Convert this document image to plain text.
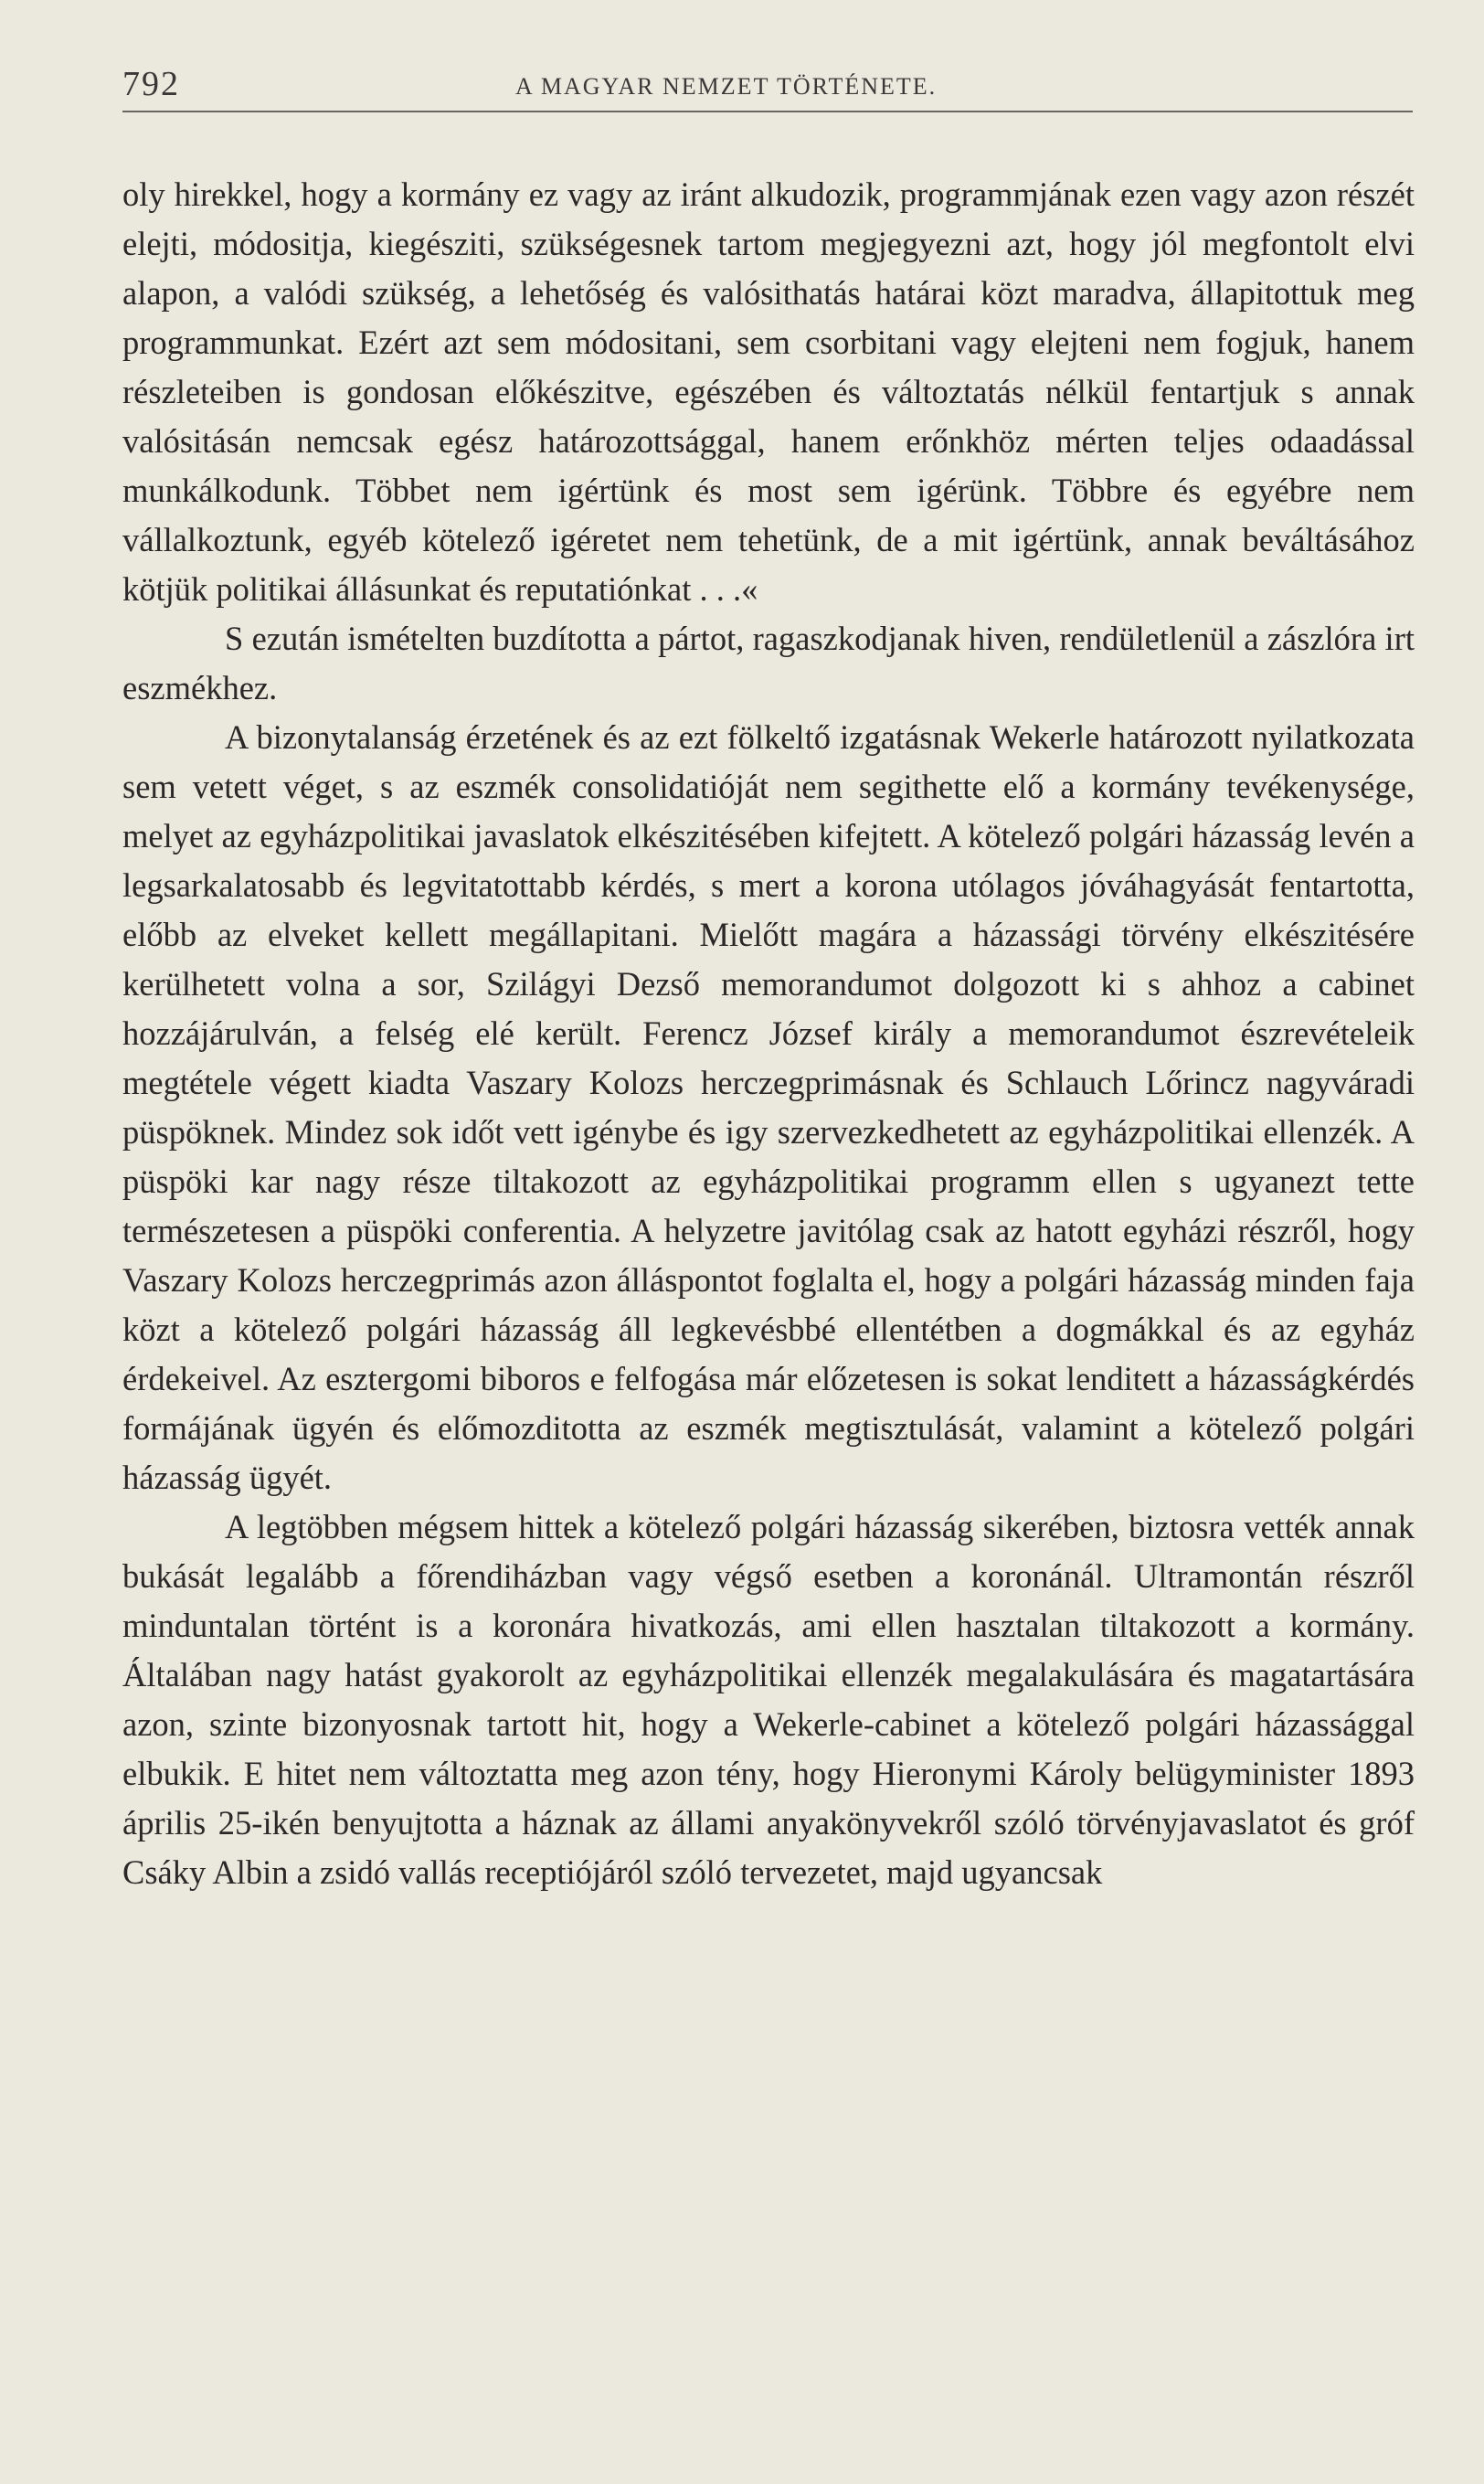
792	A MAGYAR NEMZET TÖRTÉNETE.

oly hirekkel, hogy a kormány ez vagy az iránt alkudozik, programmjának ezen vagy azon részét elejti, módositja, kiegésziti, szükségesnek tartom megjegyezni azt, hogy jól megfontolt elvi alapon, a valódi szükség, a lehetőség és valósithatás határai közt maradva, állapitottuk meg programmunkat. Ezért azt sem módositani, sem csorbitani vagy elejteni nem fogjuk, hanem részleteiben is gondosan előkészitve, egészében és változtatás nélkül fentartjuk s annak valósitásán nemcsak egész határozottsággal, hanem erőnkhöz mérten teljes odaadással munkálkodunk. Többet nem igértünk és most sem igérünk. Többre és egyébre nem vállalkoztunk, egyéb kötelező igéretet nem tehetünk, de a mit igértünk, annak beváltásához kötjük politikai állásunkat és reputatiónkat . . .«

S ezután ismételten buzdította a pártot, ragaszkodjanak hiven, rendületlenül a zászlóra irt eszmékhez.

A bizonytalanság érzetének és az ezt fölkeltő izgatásnak Wekerle határozott nyilatkozata sem vetett véget, s az eszmék consolidatióját nem segithette elő a kormány tevékenysége, melyet az egyházpolitikai javaslatok elkészitésében kifejtett. A kötelező polgári házasság levén a legsarkalatosabb és legvitatottabb kérdés, s mert a korona utólagos jóváhagyását fentartotta, előbb az elveket kellett megállapitani. Mielőtt magára a házassági törvény elkészitésére kerülhetett volna a sor, Szilágyi Dezső memorandumot dolgozott ki s ahhoz a cabinet hozzájárulván, a felség elé került. Ferencz József király a memorandumot észrevételeik megtétele végett kiadta Vaszary Kolozs herczegprimásnak és Schlauch Lőrincz nagyváradi püspöknek. Mindez sok időt vett igénybe és igy szervezkedhetett az egyházpolitikai ellenzék. A püspöki kar nagy része tiltakozott az egyházpolitikai programm ellen s ugyanezt tette természetesen a püspöki conferentia. A helyzetre javitólag csak az hatott egyházi részről, hogy Vaszary Kolozs herczegprimás azon álláspontot foglalta el, hogy a polgári házasság minden faja közt a kötelező polgári házasság áll legkevésbbé ellentétben a dogmákkal és az egyház érdekeivel. Az esztergomi biboros e felfogása már előzetesen is sokat lenditett a házasságkérdés formájának ügyén és előmozditotta az eszmék megtisztulását, valamint a kötelező polgári házasság ügyét.

A legtöbben mégsem hittek a kötelező polgári házasság sikerében, biztosra vették annak bukását legalább a főrendiházban vagy végső esetben a koronánál. Ultramontán részről minduntalan történt is a koronára hivatkozás, ami ellen hasztalan tiltakozott a kormány. Általában nagy hatást gyakorolt az egyházpolitikai ellenzék megalakulására és magatartására azon, szinte bizonyosnak tartott hit, hogy a Wekerle-cabinet a kötelező polgári házassággal elbukik. E hitet nem változtatta meg azon tény, hogy Hieronymi Károly belügyminister 1893 április 25-ikén benyujtotta a háznak az állami anyakönyvekről szóló törvényjavaslatot és gróf Csáky Albin a zsidó vallás receptiójáról szóló tervezetet, majd ugyancsak
